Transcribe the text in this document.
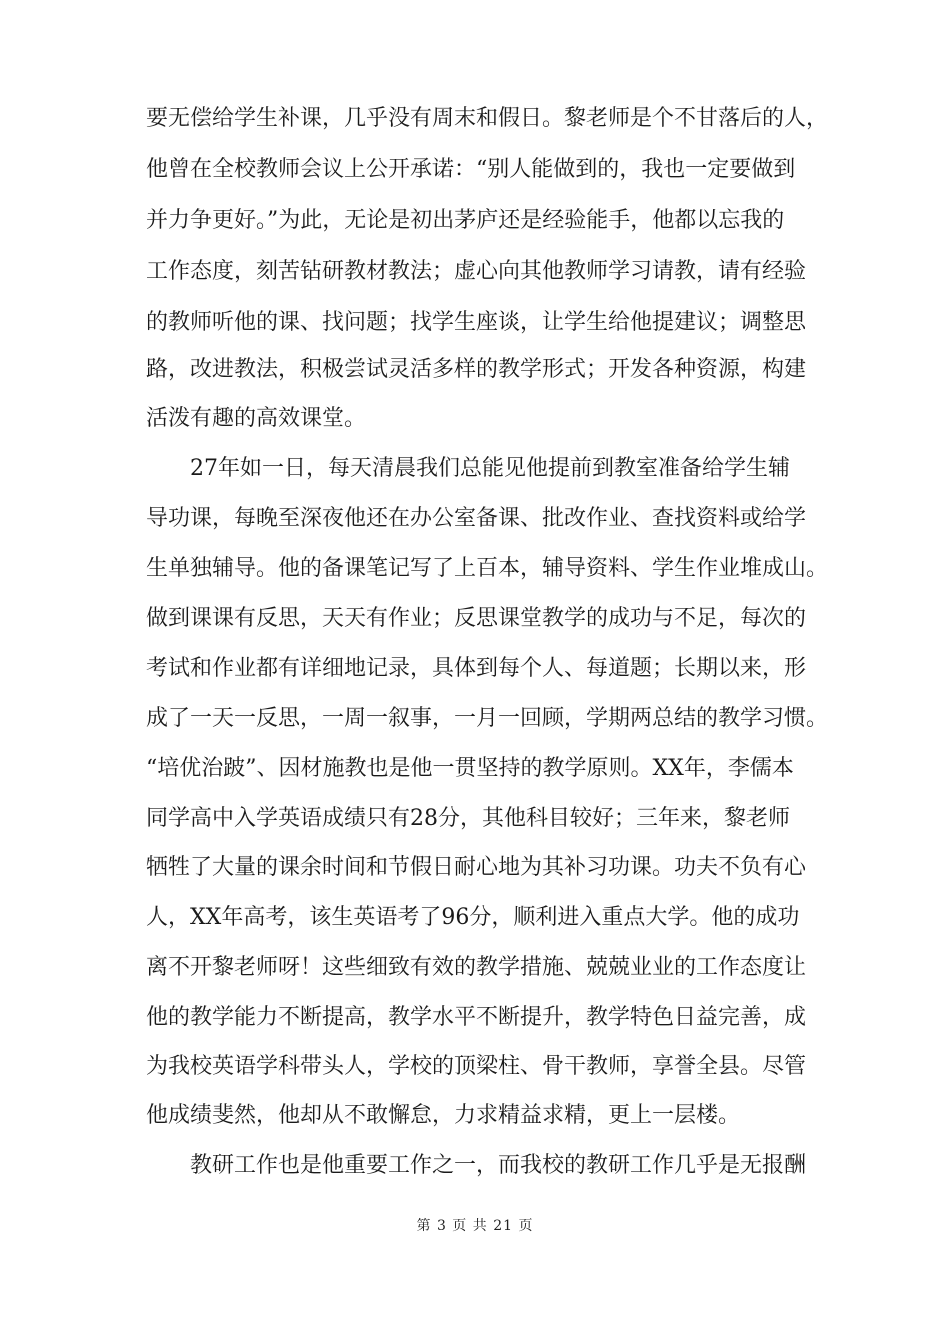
要无偿给学生补课，几乎没有周末和假日。黎老师是个不甘落后的人，
他曾在全校教师会议上公开承诺：“别人能做到的，我也一定要做到
并力争更好。”为此，无论是初出茅庐还是经验能手，他都以忘我的
工作态度，刻苦钻研教材教法；虚心向其他教师学习请教，请有经验
的教师听他的课、找问题；找学生座谈，让学生给他提建议；调整思
路，改进教法，积极尝试灵活多样的教学形式；开发各种资源，构建
活泼有趣的高效课堂。
27年如一日，每天清晨我们总能见他提前到教室准备给学生辅
导功课，每晚至深夜他还在办公室备课、批改作业、查找资料或给学
生单独辅导。他的备课笔记写了上百本，辅导资料、学生作业堆成山。
做到课课有反思，天天有作业；反思课堂教学的成功与不足，每次的
考试和作业都有详细地记录，具体到每个人、每道题；长期以来，形
成了一天一反思，一周一叙事，一月一回顾，学期两总结的教学习惯。
“培优治跛”、因材施教也是他一贯坚持的教学原则。XX年，李儒本
同学高中入学英语成绩只有28分，其他科目较好；三年来，黎老师
牺牲了大量的课余时间和节假日耐心地为其补习功课。功夫不负有心
人，XX年高考，该生英语考了96分，顺利进入重点大学。他的成功
离不开黎老师呀！这些细致有效的教学措施、兢兢业业的工作态度让
他的教学能力不断提高，教学水平不断提升，教学特色日益完善，成
为我校英语学科带头人，学校的顶梁柱、骨干教师，享誉全县。尽管
他成绩斐然，他却从不敢懈怠，力求精益求精，更上一层楼。
教研工作也是他重要工作之一，而我校的教研工作几乎是无报酬
第 3 页 共 21 页
